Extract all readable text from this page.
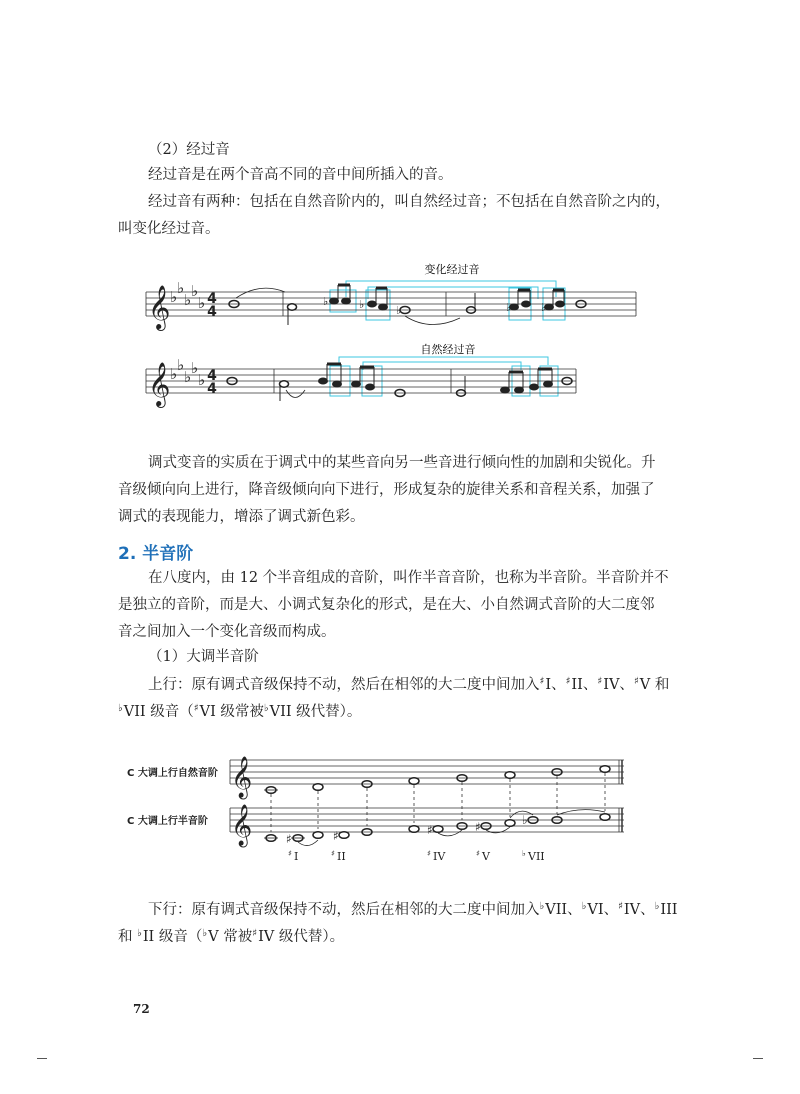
（2）经过音

经过音是在两个音高不同的音中间所插入的音。

经过音有两种：包括在自然音阶内的，叫自然经过音；不包括在自然音阶之内的，

叫变化经过音。

变化经过音
自然经过音
𝄞 ♭ ♭
♭ ♭
♭ 4
4
♭	♭	♭	♭	♭
𝄞 ♭ ♭
♭ ♭
♭ 4
4

调式变音的实质在于调式中的某些音向另一些音进行倾向性的加剧和尖锐化。升

音级倾向向上进行，降音级倾向向下进行，形成复杂的旋律关系和音程关系，加强了

调式的表现能力，增添了调式新色彩。

2. 半音阶

在八度内，由 12 个半音组成的音阶，叫作半音音阶，也称为半音阶。半音阶并不

是独立的音阶，而是大、小调式复杂化的形式，是在大、小自然调式音阶的大二度邻

音之间加入一个变化音级而构成。

（1）大调半音阶

上行：原有调式音级保持不动，然后在相邻的大二度中间加入♯I、♯II、♯IV、♯V 和

♭VII 级音（♯VI 级常被♭VII 级代替）。

C 大调上行自然音阶
C 大调上行半音阶
𝄞
𝄞	♯	♯	♯	♯	♭
♯ I	♯ II	♯ IV	♯ V	♭ VII

下行：原有调式音级保持不动，然后在相邻的大二度中间加入♭VII、♭VI、♯IV、♭III

和 ♭II 级音（♭V 常被♯IV 级代替）。

72
